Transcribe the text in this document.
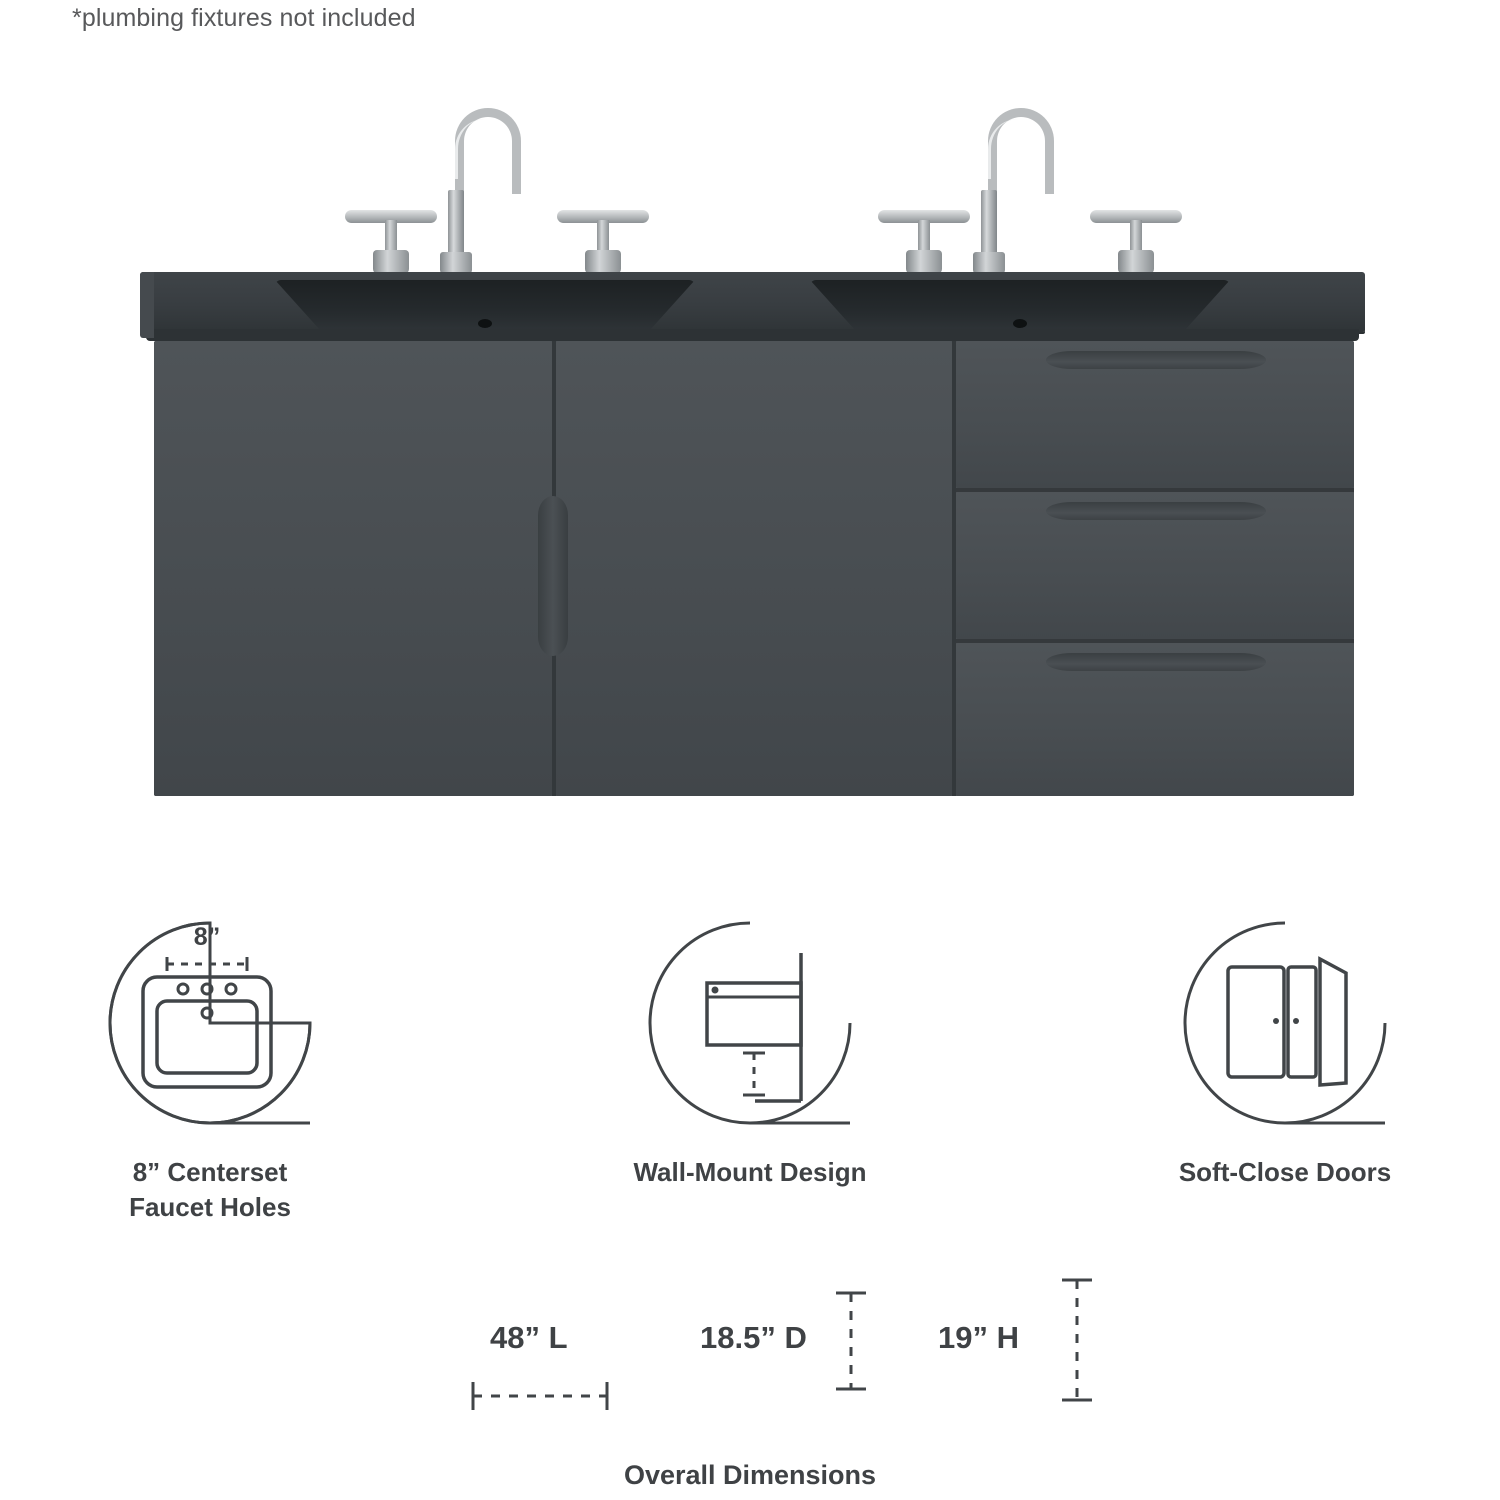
*plumbing fixtures not included
8”
8” Centerset
Faucet Holes
Wall-Mount Design	Soft-Close Doors
48” L	18.5” D	19” H
Overall Dimensions
